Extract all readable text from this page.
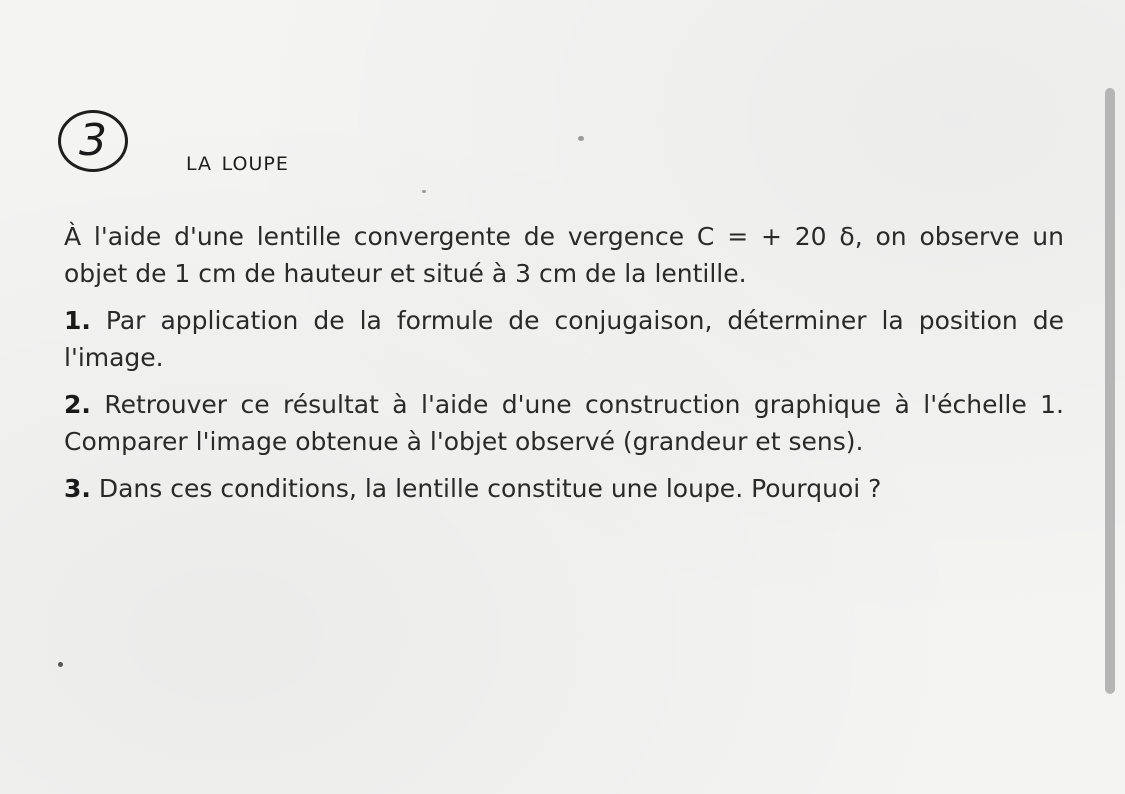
3	la loupe

À l'aide d'une lentille convergente de vergence C = + 20 δ, on observe un objet de 1 cm de hauteur et situé à 3 cm de la lentille.

1. Par application de la formule de conjugaison, déterminer la position de l'image.

2. Retrouver ce résultat à l'aide d'une construction graphique à l'échelle 1. Comparer l'image obtenue à l'objet observé (grandeur et sens).

3. Dans ces conditions, la lentille constitue une loupe. Pourquoi ?
